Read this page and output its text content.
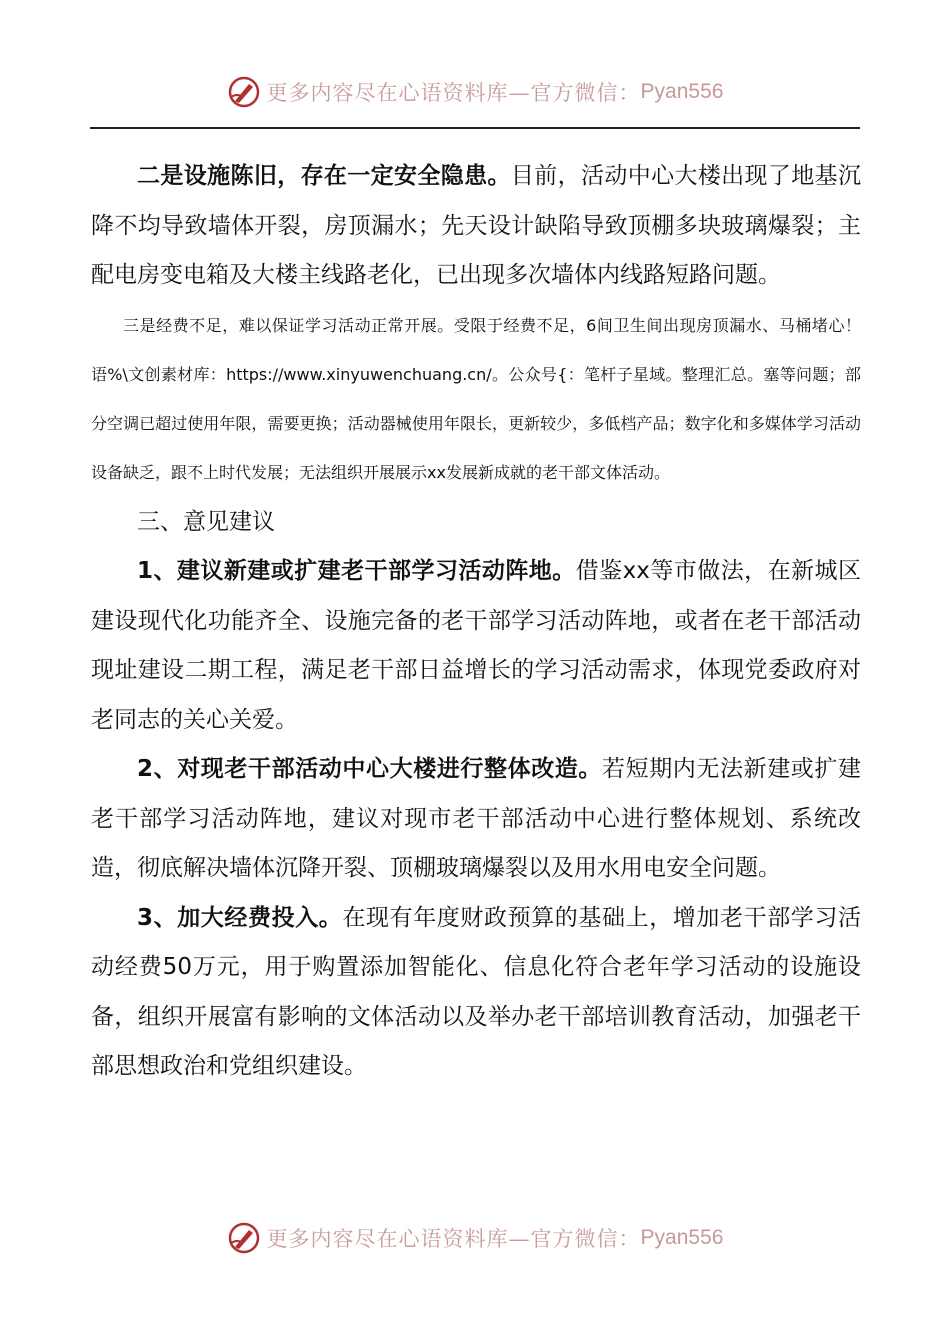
更多内容尽在心语资料库—官方微信： Pyan556

二是设施陈旧，存在一定安全隐患。目前，活动中心大楼出现了地基沉降不均导致墙体开裂，房顶漏水；先天设计缺陷导致顶棚多块玻璃爆裂；主配电房变电箱及大楼主线路老化，已出现多次墙体内线路短路问题。

三是经费不足，难以保证学习活动正常开展。受限于经费不足，6间卫生间出现房顶漏水、马桶堵心！语%\文创素材库：https://www.xinyuwenchuang.cn/。公众号{：笔杆子星域。整理汇总。塞等问题；部分空调已超过使用年限，需要更换；活动器械使用年限长，更新较少，多低档产品；数字化和多媒体学习活动设备缺乏，跟不上时代发展；无法组织开展展示xx发展新成就的老干部文体活动。

三、意见建议

1、建议新建或扩建老干部学习活动阵地。借鉴xx等市做法，在新城区建设现代化功能齐全、设施完备的老干部学习活动阵地，或者在老干部活动现址建设二期工程，满足老干部日益增长的学习活动需求，体现党委政府对老同志的关心关爱。

2、对现老干部活动中心大楼进行整体改造。若短期内无法新建或扩建老干部学习活动阵地，建议对现市老干部活动中心进行整体规划、系统改造，彻底解决墙体沉降开裂、顶棚玻璃爆裂以及用水用电安全问题。

3、加大经费投入。在现有年度财政预算的基础上，增加老干部学习活动经费50万元，用于购置添加智能化、信息化符合老年学习活动的设施设备，组织开展富有影响的文体活动以及举办老干部培训教育活动，加强老干部思想政治和党组织建设。

更多内容尽在心语资料库—官方微信： Pyan556
